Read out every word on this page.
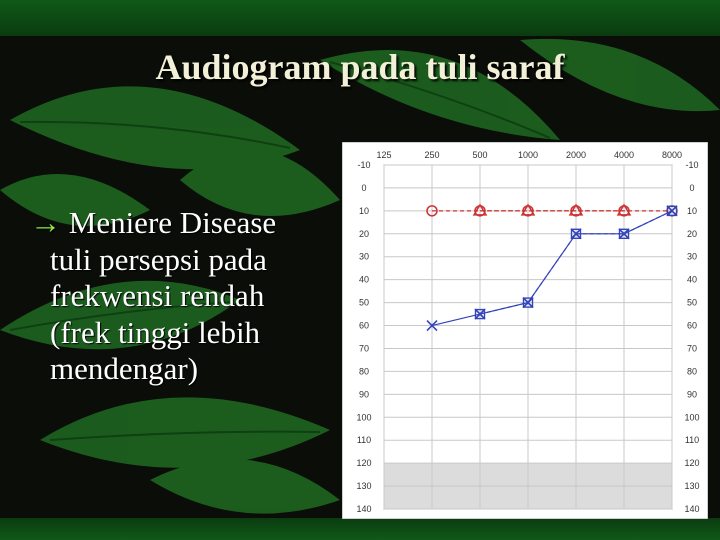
Audiogram pada tuli saraf
→ Meniere Disease
tuli persepsi pada
frekwensi rendah
(frek tinggi lebih
mendengar)
-10	-10
0	0
10	10
20	20
30	30
40	40
50	50
60	60
70	70
80	80
90	90
100	100
110	110
120	120
130	130
140	140
125	250	500	1000	2000	4000	8000
